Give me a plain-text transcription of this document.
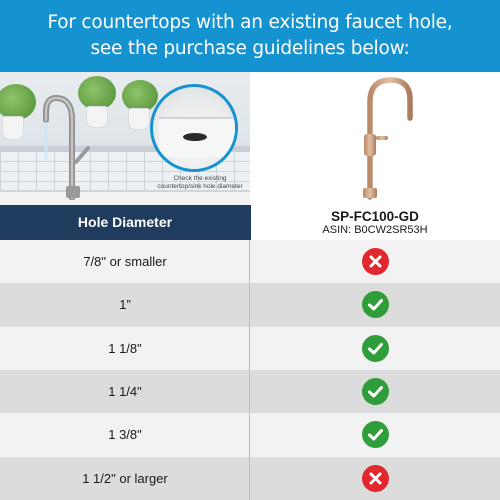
For countertops with an existing faucet hole,
see the purchase guidelines below:
Check the existing
countertop/sink hole diameter
Hole Diameter	SP-FC100-GD
ASIN: B0CW2SR53H
7/8" or smaller
1”
1 1/8"
1 1/4"
1 3/8"
1 1/2" or larger
